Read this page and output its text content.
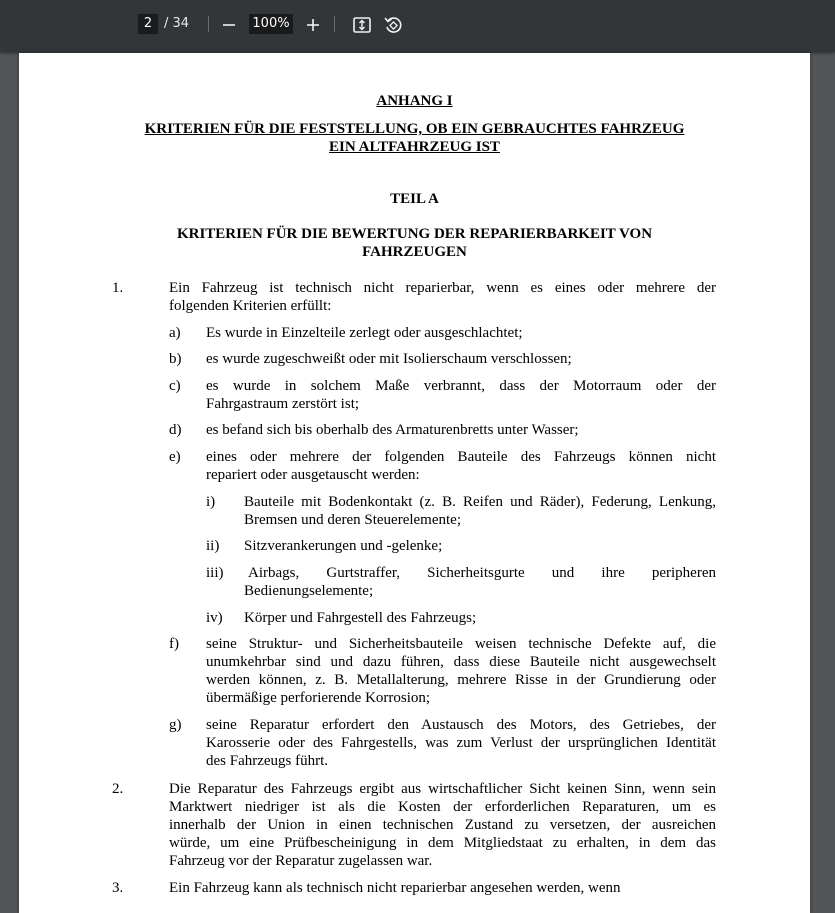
2
/ 34
100%
ANHANG I
KRITERIEN FÜR DIE FESTSTELLUNG, OB EIN GEBRAUCHTES FAHRZEUG
EIN ALTFAHRZEUG IST
TEIL A
KRITERIEN FÜR DIE BEWERTUNG DER REPARIERBARKEIT VON
FAHRZEUGEN
1.	Ein Fahrzeug ist technisch nicht reparierbar, wenn es eines oder mehrere der
folgenden Kriterien erfüllt:
a) Es wurde in Einzelteile zerlegt oder ausgeschlachtet;
b) es wurde zugeschweißt oder mit Isolierschaum verschlossen;
c) es wurde in solchem Maße verbrannt, dass der Motorraum oder der
Fahrgastraum zerstört ist;
d) es befand sich bis oberhalb des Armaturenbretts unter Wasser;
e) eines oder mehrere der folgenden Bauteile des Fahrzeugs können nicht
repariert oder ausgetauscht werden:
i) Bauteile mit Bodenkontakt (z. B. Reifen und Räder), Federung, Lenkung,
Bremsen und deren Steuerelemente;
ii) Sitzverankerungen und -gelenke;
iii) Airbags, Gurtstraffer, Sicherheitsgurte und ihre peripheren
Bedienungselemente;
iv) Körper und Fahrgestell des Fahrzeugs;
f) seine Struktur- und Sicherheitsbauteile weisen technische Defekte auf, die
unumkehrbar sind und dazu führen, dass diese Bauteile nicht ausgewechselt
werden können, z. B. Metallalterung, mehrere Risse in der Grundierung oder
übermäßige perforierende Korrosion;
g) seine Reparatur erfordert den Austausch des Motors, des Getriebes, der
Karosserie oder des Fahrgestells, was zum Verlust der ursprünglichen Identität
des Fahrzeugs führt.
2.	Die Reparatur des Fahrzeugs ergibt aus wirtschaftlicher Sicht keinen Sinn, wenn sein
Marktwert niedriger ist als die Kosten der erforderlichen Reparaturen, um es
innerhalb der Union in einen technischen Zustand zu versetzen, der ausreichen
würde, um eine Prüfbescheinigung in dem Mitgliedstaat zu erhalten, in dem das
Fahrzeug vor der Reparatur zugelassen war.
3.	Ein Fahrzeug kann als technisch nicht reparierbar angesehen werden, wenn
